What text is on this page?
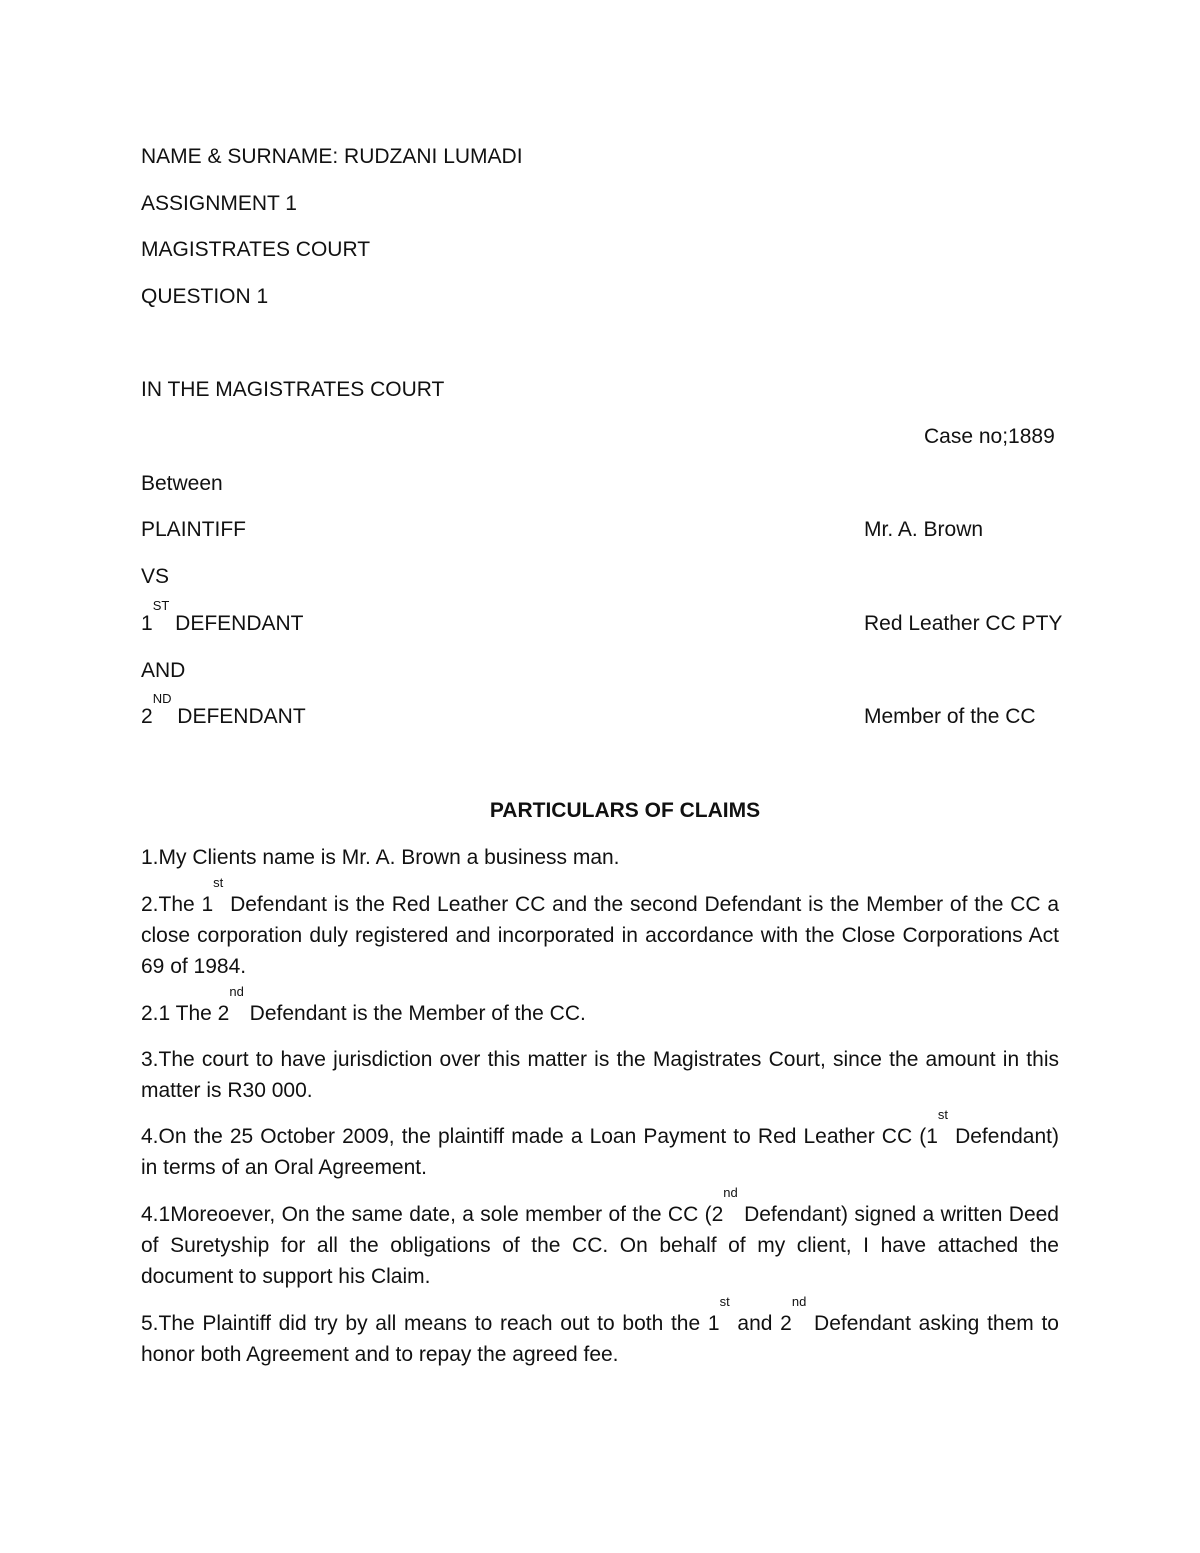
NAME & SURNAME: RUDZANI LUMADI
ASSIGNMENT 1
MAGISTRATES COURT
QUESTION 1
IN THE MAGISTRATES COURT
Case no;1889
Between
PLAINTIFF	Mr. A. Brown
VS
1ST DEFENDANT	Red Leather CC PTY
AND
2ND DEFENDANT	Member of the CC
PARTICULARS OF CLAIMS
1.My Clients name is Mr. A. Brown a business man.
2.The 1st Defendant is the Red Leather CC and the second Defendant is the Member of the CC a close corporation duly registered and incorporated in accordance with the Close Corporations Act 69 of 1984.
2.1 The 2nd Defendant is the Member of the CC.
3.The court to have jurisdiction over this matter is the Magistrates Court, since the amount in this matter is R30 000.
4.On the 25 October 2009, the plaintiff made a Loan Payment to Red Leather CC (1st Defendant) in terms of an Oral Agreement.
4.1Moreoever, On the same date, a sole member of the CC (2nd Defendant) signed a written Deed of Suretyship for all the obligations of the CC. On behalf of my client, I have attached the document to support his Claim.
5.The Plaintiff did try by all means to reach out to both the 1st and 2nd Defendant asking them to honor both Agreement and to repay the agreed fee.
